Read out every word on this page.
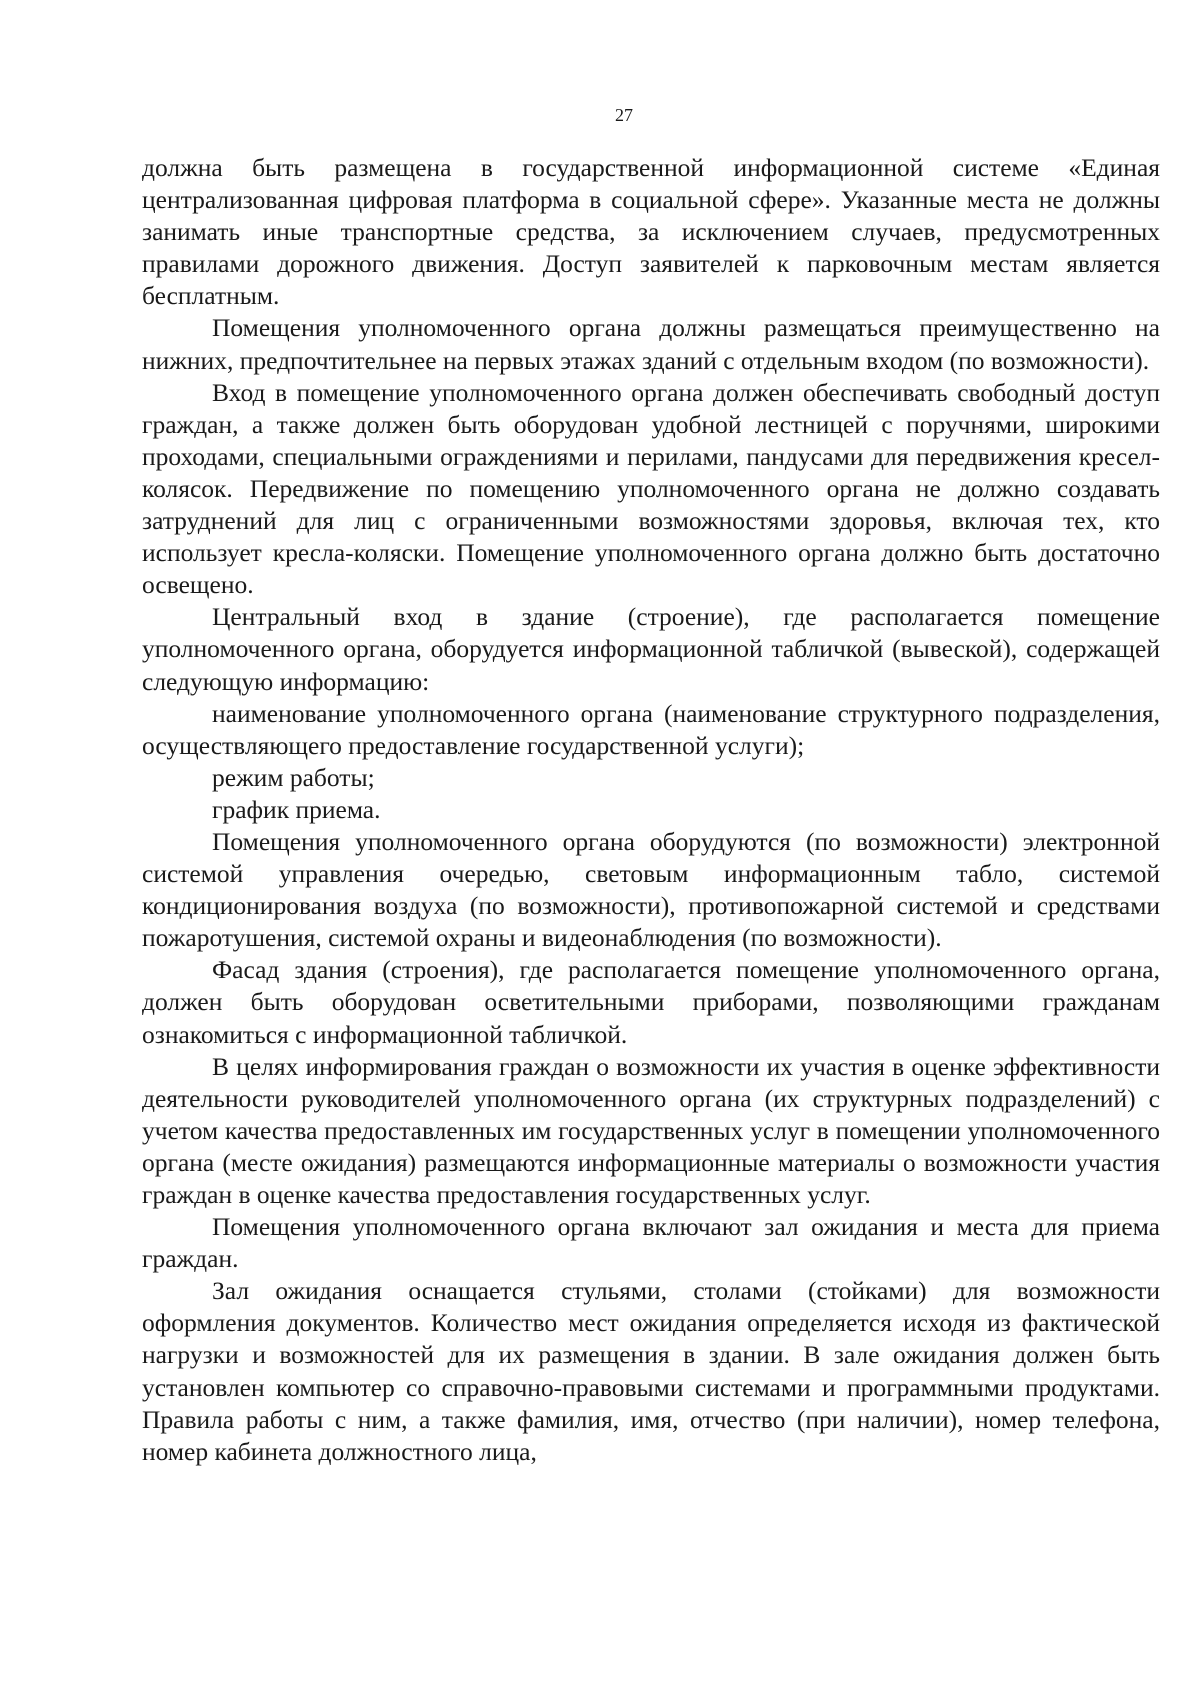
27

должна быть размещена в государственной информационной системе «Единая централизованная цифровая платформа в социальной сфере». Указанные места не должны занимать иные транспортные средства, за исключением случаев, предусмотренных правилами дорожного движения. Доступ заявителей к парковочным местам является бесплатным.

Помещения уполномоченного органа должны размещаться преимущественно на нижних, предпочтительнее на первых этажах зданий с отдельным входом (по возможности).

Вход в помещение уполномоченного органа должен обеспечивать свободный доступ граждан, а также должен быть оборудован удобной лестницей с поручнями, широкими проходами, специальными ограждениями и перилами, пандусами для передвижения кресел-колясок. Передвижение по помещению уполномоченного органа не должно создавать затруднений для лиц с ограниченными возможностями здоровья, включая тех, кто использует кресла-коляски. Помещение уполномоченного органа должно быть достаточно освещено.

Центральный вход в здание (строение), где располагается помещение уполномоченного органа, оборудуется информационной табличкой (вывеской), содержащей следующую информацию:

наименование уполномоченного органа (наименование структурного подразделения, осуществляющего предоставление государственной услуги);

режим работы;

график приема.

Помещения уполномоченного органа оборудуются (по возможности) электронной системой управления очередью, световым информационным табло, системой кондиционирования воздуха (по возможности), противопожарной системой и средствами пожаротушения, системой охраны и видеонаблюдения (по возможности).

Фасад здания (строения), где располагается помещение уполномоченного органа, должен быть оборудован осветительными приборами, позволяющими гражданам ознакомиться с информационной табличкой.

В целях информирования граждан о возможности их участия в оценке эффективности деятельности руководителей уполномоченного органа (их структурных подразделений) с учетом качества предоставленных им государственных услуг в помещении уполномоченного органа (месте ожидания) размещаются информационные материалы о возможности участия граждан в оценке качества предоставления государственных услуг.

Помещения уполномоченного органа включают зал ожидания и места для приема граждан.

Зал ожидания оснащается стульями, столами (стойками) для возможности оформления документов. Количество мест ожидания определяется исходя из фактической нагрузки и возможностей для их размещения в здании. В зале ожидания должен быть установлен компьютер со справочно-правовыми системами и программными продуктами. Правила работы с ним, а также фамилия, имя, отчество (при наличии), номер телефона, номер кабинета должностного лица,
